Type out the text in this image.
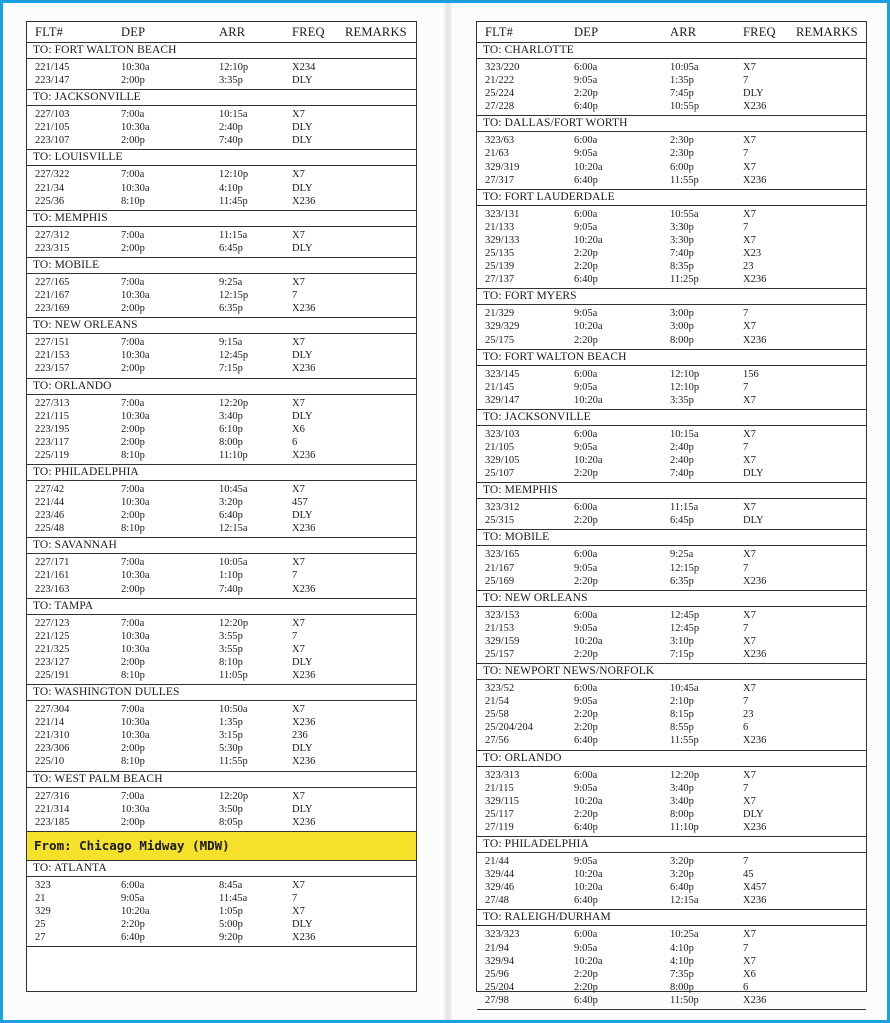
FLT#	DEP	ARR	FREQ	REMARKS
TO: FORT WALTON BEACH
221/145	10:30a	12:10p	X234
223/147	2:00p	3:35p	DLY
TO: JACKSONVILLE
227/103	7:00a	10:15a	X7
221/105	10:30a	2:40p	DLY
223/107	2:00p	7:40p	DLY
TO: LOUISVILLE
227/322	7:00a	12:10p	X7
221/34	10:30a	4:10p	DLY
225/36	8:10p	11:45p	X236
TO: MEMPHIS
227/312	7:00a	11:15a	X7
223/315	2:00p	6:45p	DLY
TO: MOBILE
227/165	7:00a	9:25a	X7
221/167	10:30a	12:15p	7
223/169	2:00p	6:35p	X236
TO: NEW ORLEANS
227/151	7:00a	9:15a	X7
221/153	10:30a	12:45p	DLY
223/157	2:00p	7:15p	X236
TO: ORLANDO
227/313	7:00a	12:20p	X7
221/115	10:30a	3:40p	DLY
223/195	2:00p	6:10p	X6
223/117	2:00p	8:00p	6
225/119	8:10p	11:10p	X236
TO: PHILADELPHIA
227/42	7:00a	10:45a	X7
221/44	10:30a	3:20p	457
223/46	2:00p	6:40p	DLY
225/48	8:10p	12:15a	X236
TO: SAVANNAH
227/171	7:00a	10:05a	X7
221/161	10:30a	1:10p	7
223/163	2:00p	7:40p	X236
TO: TAMPA
227/123	7:00a	12:20p	X7
221/125	10:30a	3:55p	7
221/325	10:30a	3:55p	X7
223/127	2:00p	8:10p	DLY
225/191	8:10p	11:05p	X236
TO: WASHINGTON DULLES
227/304	7:00a	10:50a	X7
221/14	10:30a	1:35p	X236
221/310	10:30a	3:15p	236
223/306	2:00p	5:30p	DLY
225/10	8:10p	11:55p	X236
TO: WEST PALM BEACH
227/316	7:00a	12:20p	X7
221/314	10:30a	3:50p	DLY
223/185	2:00p	8:05p	X236
From: Chicago Midway (MDW)
TO: ATLANTA
323	6:00a	8:45a	X7
21	9:05a	11:45a	7
329	10:20a	1:05p	X7
25	2:20p	5:00p	DLY
27	6:40p	9:20p	X236
FLT#	DEP	ARR	FREQ	REMARKS
TO: CHARLOTTE
323/220	6:00a	10:05a	X7
21/222	9:05a	1:35p	7
25/224	2:20p	7:45p	DLY
27/228	6:40p	10:55p	X236
TO: DALLAS/FORT WORTH
323/63	6:00a	2:30p	X7
21/63	9:05a	2:30p	7
329/319	10:20a	6:00p	X7
27/317	6:40p	11:55p	X236
TO: FORT LAUDERDALE
323/131	6:00a	10:55a	X7
21/133	9:05a	3:30p	7
329/133	10:20a	3:30p	X7
25/135	2:20p	7:40p	X23
25/139	2:20p	8:35p	23
27/137	6:40p	11:25p	X236
TO: FORT MYERS
21/329	9:05a	3:00p	7
329/329	10:20a	3:00p	X7
25/175	2:20p	8:00p	X236
TO: FORT WALTON BEACH
323/145	6:00a	12:10p	156
21/145	9:05a	12:10p	7
329/147	10:20a	3:35p	X7
TO: JACKSONVILLE
323/103	6:00a	10:15a	X7
21/105	9:05a	2:40p	7
329/105	10:20a	2:40p	X7
25/107	2:20p	7:40p	DLY
TO: MEMPHIS
323/312	6:00a	11:15a	X7
25/315	2:20p	6:45p	DLY
TO: MOBILE
323/165	6:00a	9:25a	X7
21/167	9:05a	12:15p	7
25/169	2:20p	6:35p	X236
TO: NEW ORLEANS
323/153	6:00a	12:45p	X7
21/153	9:05a	12:45p	7
329/159	10:20a	3:10p	X7
25/157	2:20p	7:15p	X236
TO: NEWPORT NEWS/NORFOLK
323/52	6:00a	10:45a	X7
21/54	9:05a	2:10p	7
25/58	2:20p	8:15p	23
25/204/204	2:20p	8:55p	6
27/56	6:40p	11:55p	X236
TO: ORLANDO
323/313	6:00a	12:20p	X7
21/115	9:05a	3:40p	7
329/115	10:20a	3:40p	X7
25/117	2:20p	8:00p	DLY
27/119	6:40p	11:10p	X236
TO: PHILADELPHIA
21/44	9:05a	3:20p	7
329/44	10:20a	3:20p	45
329/46	10:20a	6:40p	X457
27/48	6:40p	12:15a	X236
TO: RALEIGH/DURHAM
323/323	6:00a	10:25a	X7
21/94	9:05a	4:10p	7
329/94	10:20a	4:10p	X7
25/96	2:20p	7:35p	X6
25/204	2:20p	8:00p	6
27/98	6:40p	11:50p	X236
